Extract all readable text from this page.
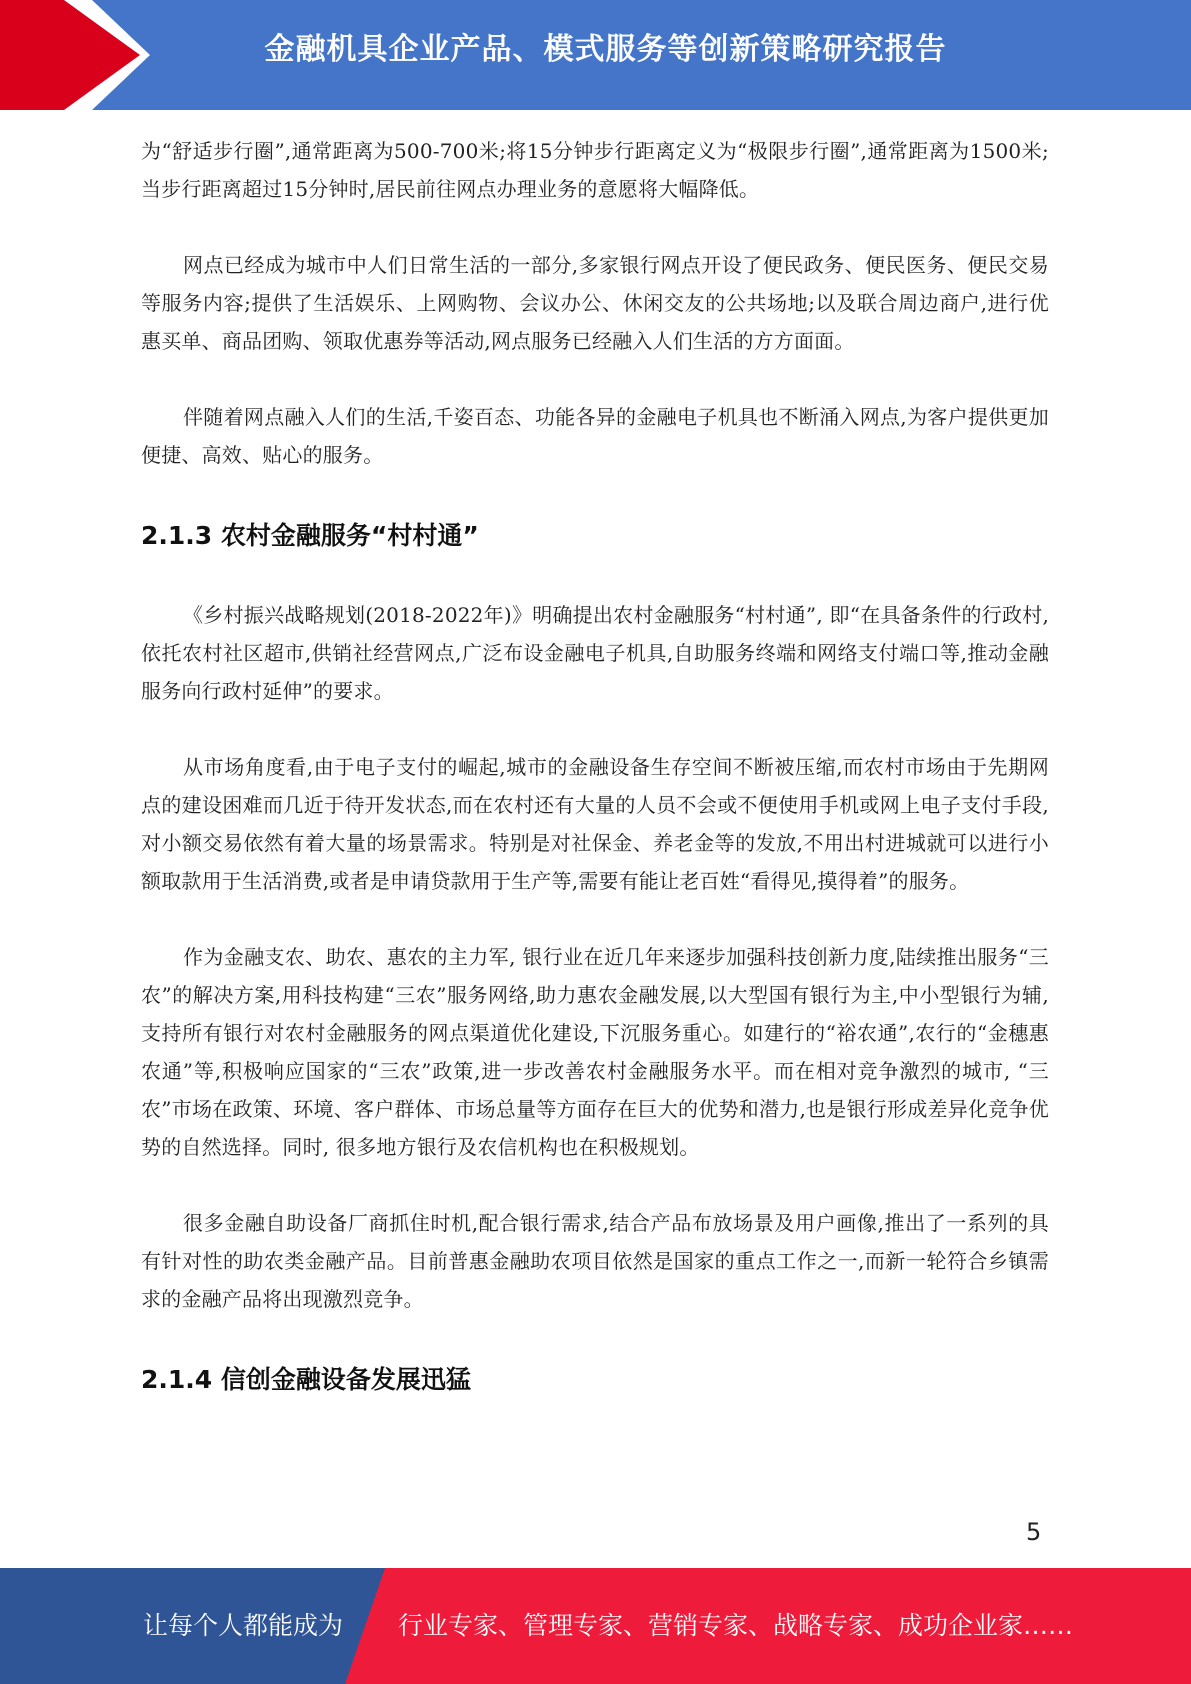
金融机具企业产品、模式服务等创新策略研究报告

为“舒适步行圈”,通常距离为500-700米;将15分钟步行距离定义为“极限步行圈”,通常距离为1500米;当步行距离超过15分钟时,居民前往网点办理业务的意愿将大幅降低。

网点已经成为城市中人们日常生活的一部分,多家银行网点开设了便民政务、便民医务、便民交易等服务内容;提供了生活娱乐、上网购物、会议办公、休闲交友的公共场地;以及联合周边商户,进行优惠买单、商品团购、领取优惠券等活动,网点服务已经融入人们生活的方方面面。

伴随着网点融入人们的生活,千姿百态、功能各异的金融电子机具也不断涌入网点,为客户提供更加便捷、高效、贴心的服务。

2.1.3 农村金融服务“村村通”

《乡村振兴战略规划(2018-2022年)》明确提出农村金融服务“村村通”, 即“在具备条件的行政村,依托农村社区超市,供销社经营网点,广泛布设金融电子机具,自助服务终端和网络支付端口等,推动金融服务向行政村延伸”的要求。

从市场角度看,由于电子支付的崛起,城市的金融设备生存空间不断被压缩,而农村市场由于先期网点的建设困难而几近于待开发状态,而在农村还有大量的人员不会或不便使用手机或网上电子支付手段,对小额交易依然有着大量的场景需求。特别是对社保金、养老金等的发放,不用出村进城就可以进行小额取款用于生活消费,或者是申请贷款用于生产等,需要有能让老百姓“看得见,摸得着”的服务。

作为金融支农、助农、惠农的主力军, 银行业在近几年来逐步加强科技创新力度,陆续推出服务“三农”的解决方案,用科技构建“三农”服务网络,助力惠农金融发展,以大型国有银行为主,中小型银行为辅,支持所有银行对农村金融服务的网点渠道优化建设,下沉服务重心。如建行的“裕农通”,农行的“金穗惠农通”等,积极响应国家的“三农”政策,进一步改善农村金融服务水平。而在相对竞争激烈的城市, “三农”市场在政策、环境、客户群体、市场总量等方面存在巨大的优势和潜力,也是银行形成差异化竞争优势的自然选择。同时, 很多地方银行及农信机构也在积极规划。

很多金融自助设备厂商抓住时机,配合银行需求,结合产品布放场景及用户画像,推出了一系列的具有针对性的助农类金融产品。目前普惠金融助农项目依然是国家的重点工作之一,而新一轮符合乡镇需求的金融产品将出现激烈竞争。

2.1.4 信创金融设备发展迅猛
5
让每个人都能成为 行业专家、管理专家、营销专家、战略专家、成功企业家……
